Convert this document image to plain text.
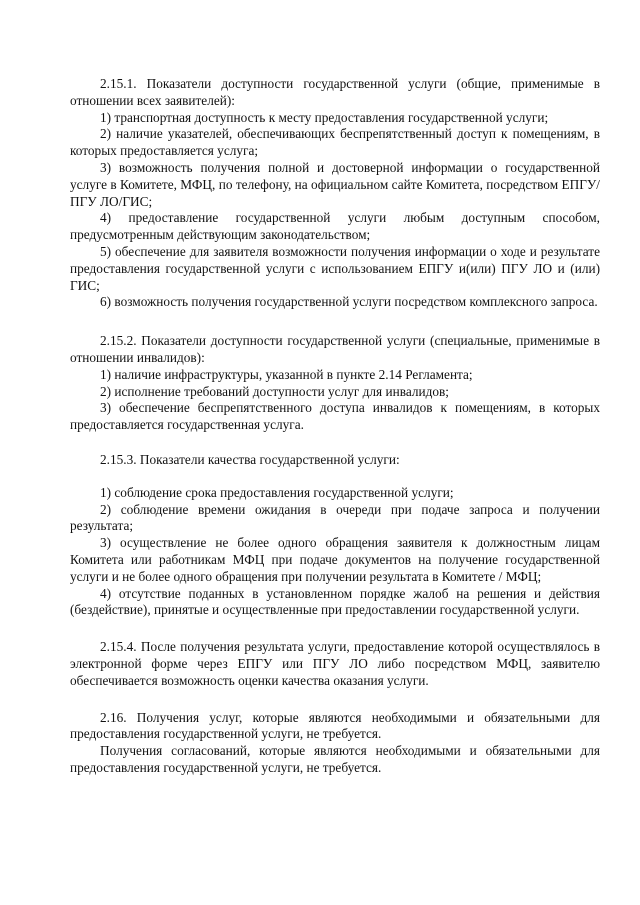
2.15.1. Показатели доступности государственной услуги (общие, применимые в отношении всех заявителей):

1) транспортная доступность к месту предоставления государственной услуги;

2) наличие указателей, обеспечивающих беспрепятственный доступ к помещениям, в которых предоставляется услуга;

3) возможность получения полной и достоверной информации о государственной услуге в Комитете, МФЦ, по телефону, на официальном сайте Комитета, посредством ЕПГУ/ПГУ ЛО/ГИС;

4) предоставление государственной услуги любым доступным способом, предусмотренным действующим законодательством;

5) обеспечение для заявителя возможности получения информации о ходе и результате предоставления государственной услуги с использованием ЕПГУ и(или) ПГУ ЛО и (или) ГИС;

6) возможность получения государственной услуги посредством комплексного запроса.

2.15.2. Показатели доступности государственной услуги (специальные, применимые в отношении инвалидов):

1) наличие инфраструктуры, указанной в пункте 2.14 Регламента;

2) исполнение требований доступности услуг для инвалидов;

3) обеспечение беспрепятственного доступа инвалидов к помещениям, в которых предоставляется государственная услуга.

2.15.3. Показатели качества государственной услуги:

1) соблюдение срока предоставления государственной услуги;

2) соблюдение времени ожидания в очереди при подаче запроса и получении результата;

3) осуществление не более одного обращения заявителя к должностным лицам Комитета или работникам МФЦ при подаче документов на получение государственной услуги и не более одного обращения при получении результата в Комитете / МФЦ;

4) отсутствие поданных в установленном порядке жалоб на решения и действия (бездействие), принятые и осуществленные при предоставлении государственной услуги.

2.15.4. После получения результата услуги, предоставление которой осуществлялось в электронной форме через ЕПГУ или ПГУ ЛО либо посредством МФЦ, заявителю обеспечивается возможность оценки качества оказания услуги.

2.16. Получения услуг, которые являются необходимыми и обязательными для предоставления государственной услуги, не требуется.

Получения согласований, которые являются необходимыми и обязательными для предоставления государственной услуги, не требуется.
